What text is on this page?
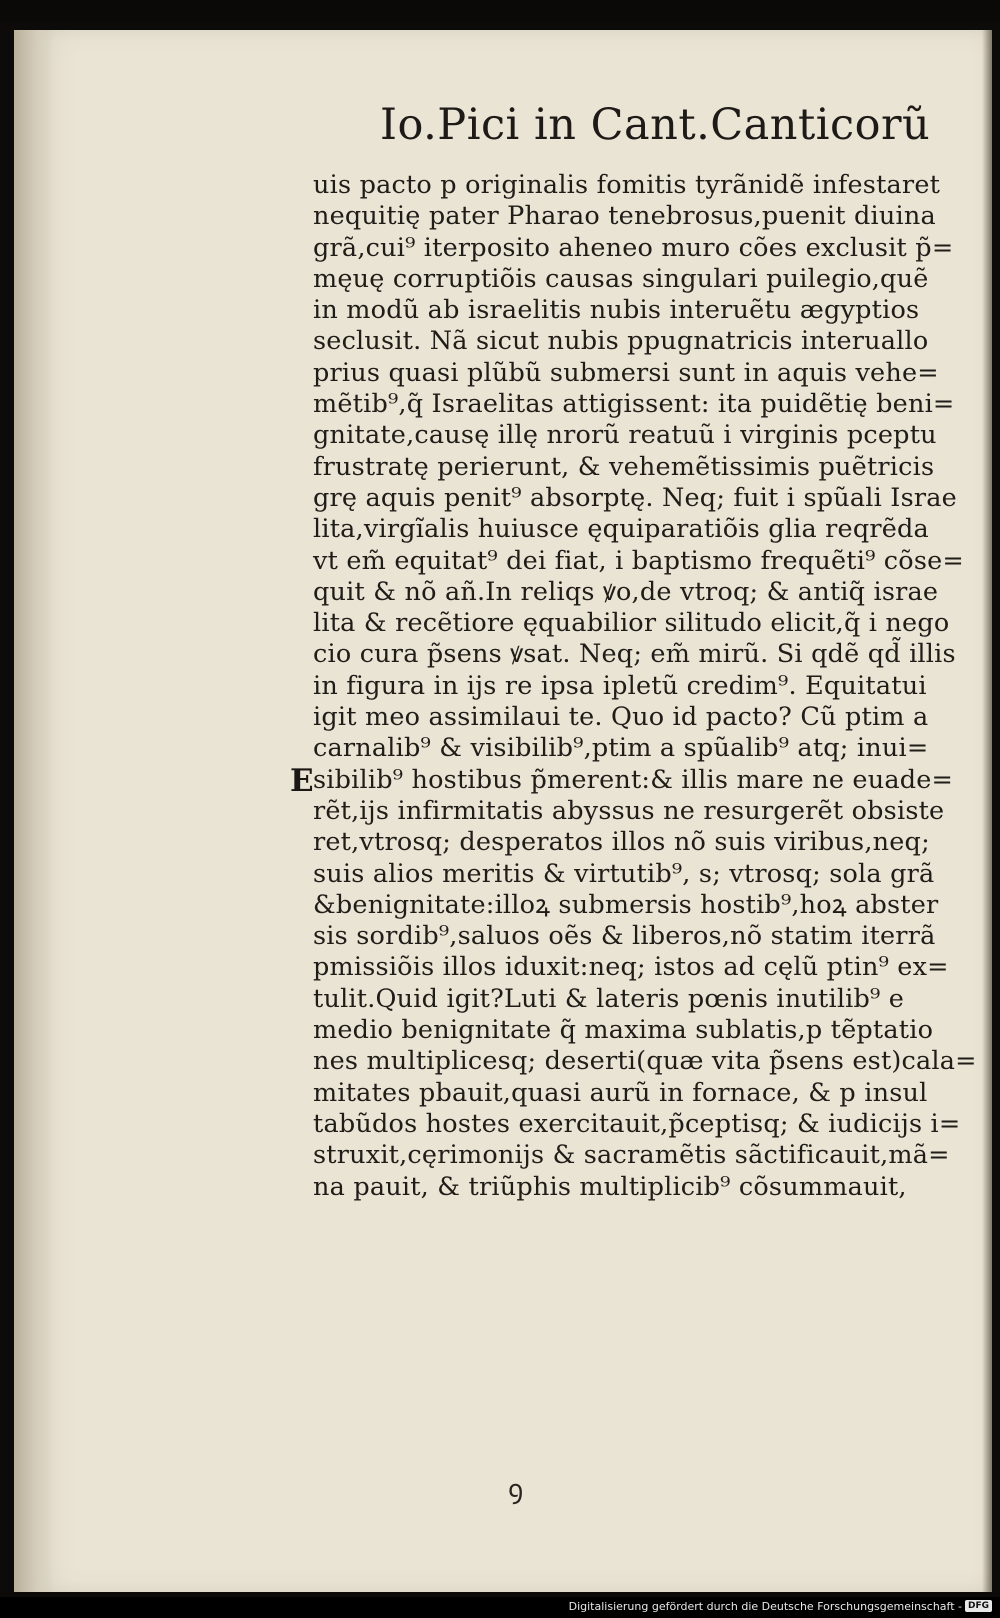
Io.Pici in Cant.Canticorũ
E
uis pacto p originalis fomitis tyrãnidẽ infestaret
nequitię pater Pharao tenebrosus,puenit diuina
grã,cui⁹ iterposito aheneo muro cões exclusit p̃=
męuę corruptiõis causas singulari puilegio,quẽ
in modũ ab israelitis nubis interuẽtu ægyptios
seclusit. Nã sicut nubis ppugnatricis interuallo
prius quasi plũbũ submersi sunt in aquis vehe=
mẽtib⁹,q̃ Israelitas attigissent: ita puidẽtię beni=
gnitate,causę illę nrorũ reatuũ i virginis pceptu
frustratę perierunt, & vehemẽtissimis puẽtricis
grę aquis penit⁹ absorptę. Neq; fuit i spũali Israe
lita,virgĩalis huiusce ęquiparatiõis glia reqrẽda
vt em̃ equitat⁹ dei fiat, i baptismo frequẽti⁹ cõse=
quit & nõ añ.In reliqs ꝟo,de vtroq; & antiq̃ israe
lita & recẽtiore ęquabilior silitudo elicit,q̃ i nego
cio cura p̃sens ꝟsat. Neq; em̃ mirũ. Si qdẽ qd̃ illis
in figura in ijs re ipsa ipletũ credim⁹. Equitatui
igit meo assimilaui te. Quo id pacto? Cũ ptim a
carnalib⁹ & visibilib⁹,ptim a spũalib⁹ atq; inui=
sibilib⁹ hostibus p̃merent:& illis mare ne euade=
rẽt,ijs infirmitatis abyssus ne resurgerẽt obsiste
ret,vtrosq; desperatos illos nõ suis viribus,neq;
suis alios meritis & virtutib⁹, s; vtrosq; sola grã
&benignitate:illoꝝ submersis hostib⁹,hoꝝ abster
sis sordib⁹,saluos oẽs & liberos,nõ statim iterrã
pmissiõis illos iduxit:neq; istos ad cęlũ ptin⁹ ex=
tulit.Quid igit?Luti & lateris pœnis inutilib⁹ e
medio benignitate q̃ maxima sublatis,p tẽptatio
nes multiplicesq; deserti(quæ vita p̃sens est)cala=
mitates pbauit,quasi aurũ in fornace, & p insul
tabũdos hostes exercitauit,p̃ceptisq; & iudicijs i=
struxit,cęrimonijs & sacramẽtis sãctificauit,mã=
na pauit, & triũphis multiplicib⁹ cõsummauit,
ꝯ
Digitalisierung gefördert durch die Deutsche Forschungsgemeinschaft - DFG
